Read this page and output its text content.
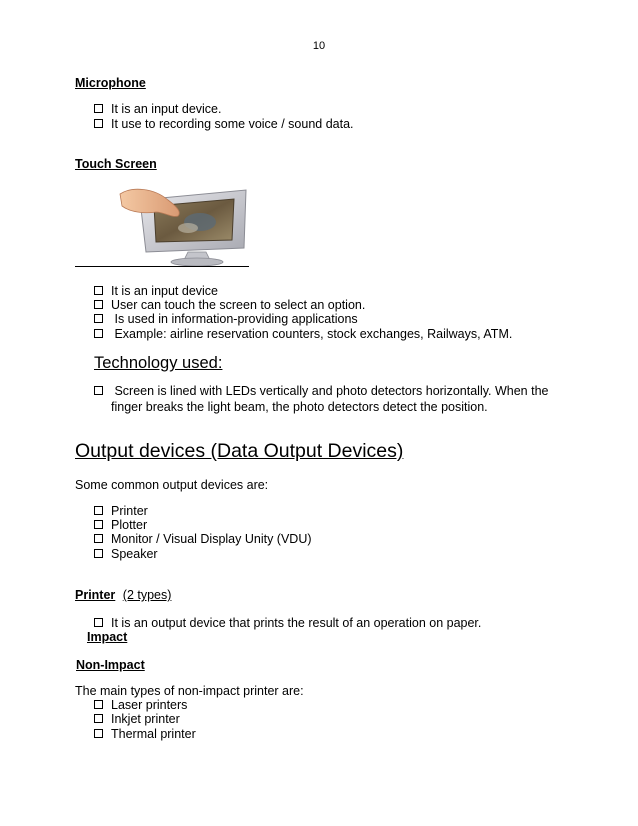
10
Microphone
It is an input device.
It use to recording some voice / sound data.
Touch Screen
It is an input device
User can touch the screen to select an option.
Is used in information-providing applications
Example: airline reservation counters, stock exchanges, Railways, ATM.
Technology used:
Screen is lined with LEDs vertically and photo detectors horizontally. When the
finger breaks the light beam, the photo detectors detect the position.
Output devices (Data Output Devices)
Some common output devices are:
Printer
Plotter
Monitor / Visual Display Unity (VDU)
Speaker
Printer (2 types)
It is an output device that prints the result of an operation on paper.
Impact
Non-Impact
The main types of non-impact printer are:
Laser printers
Inkjet printer
Thermal printer
